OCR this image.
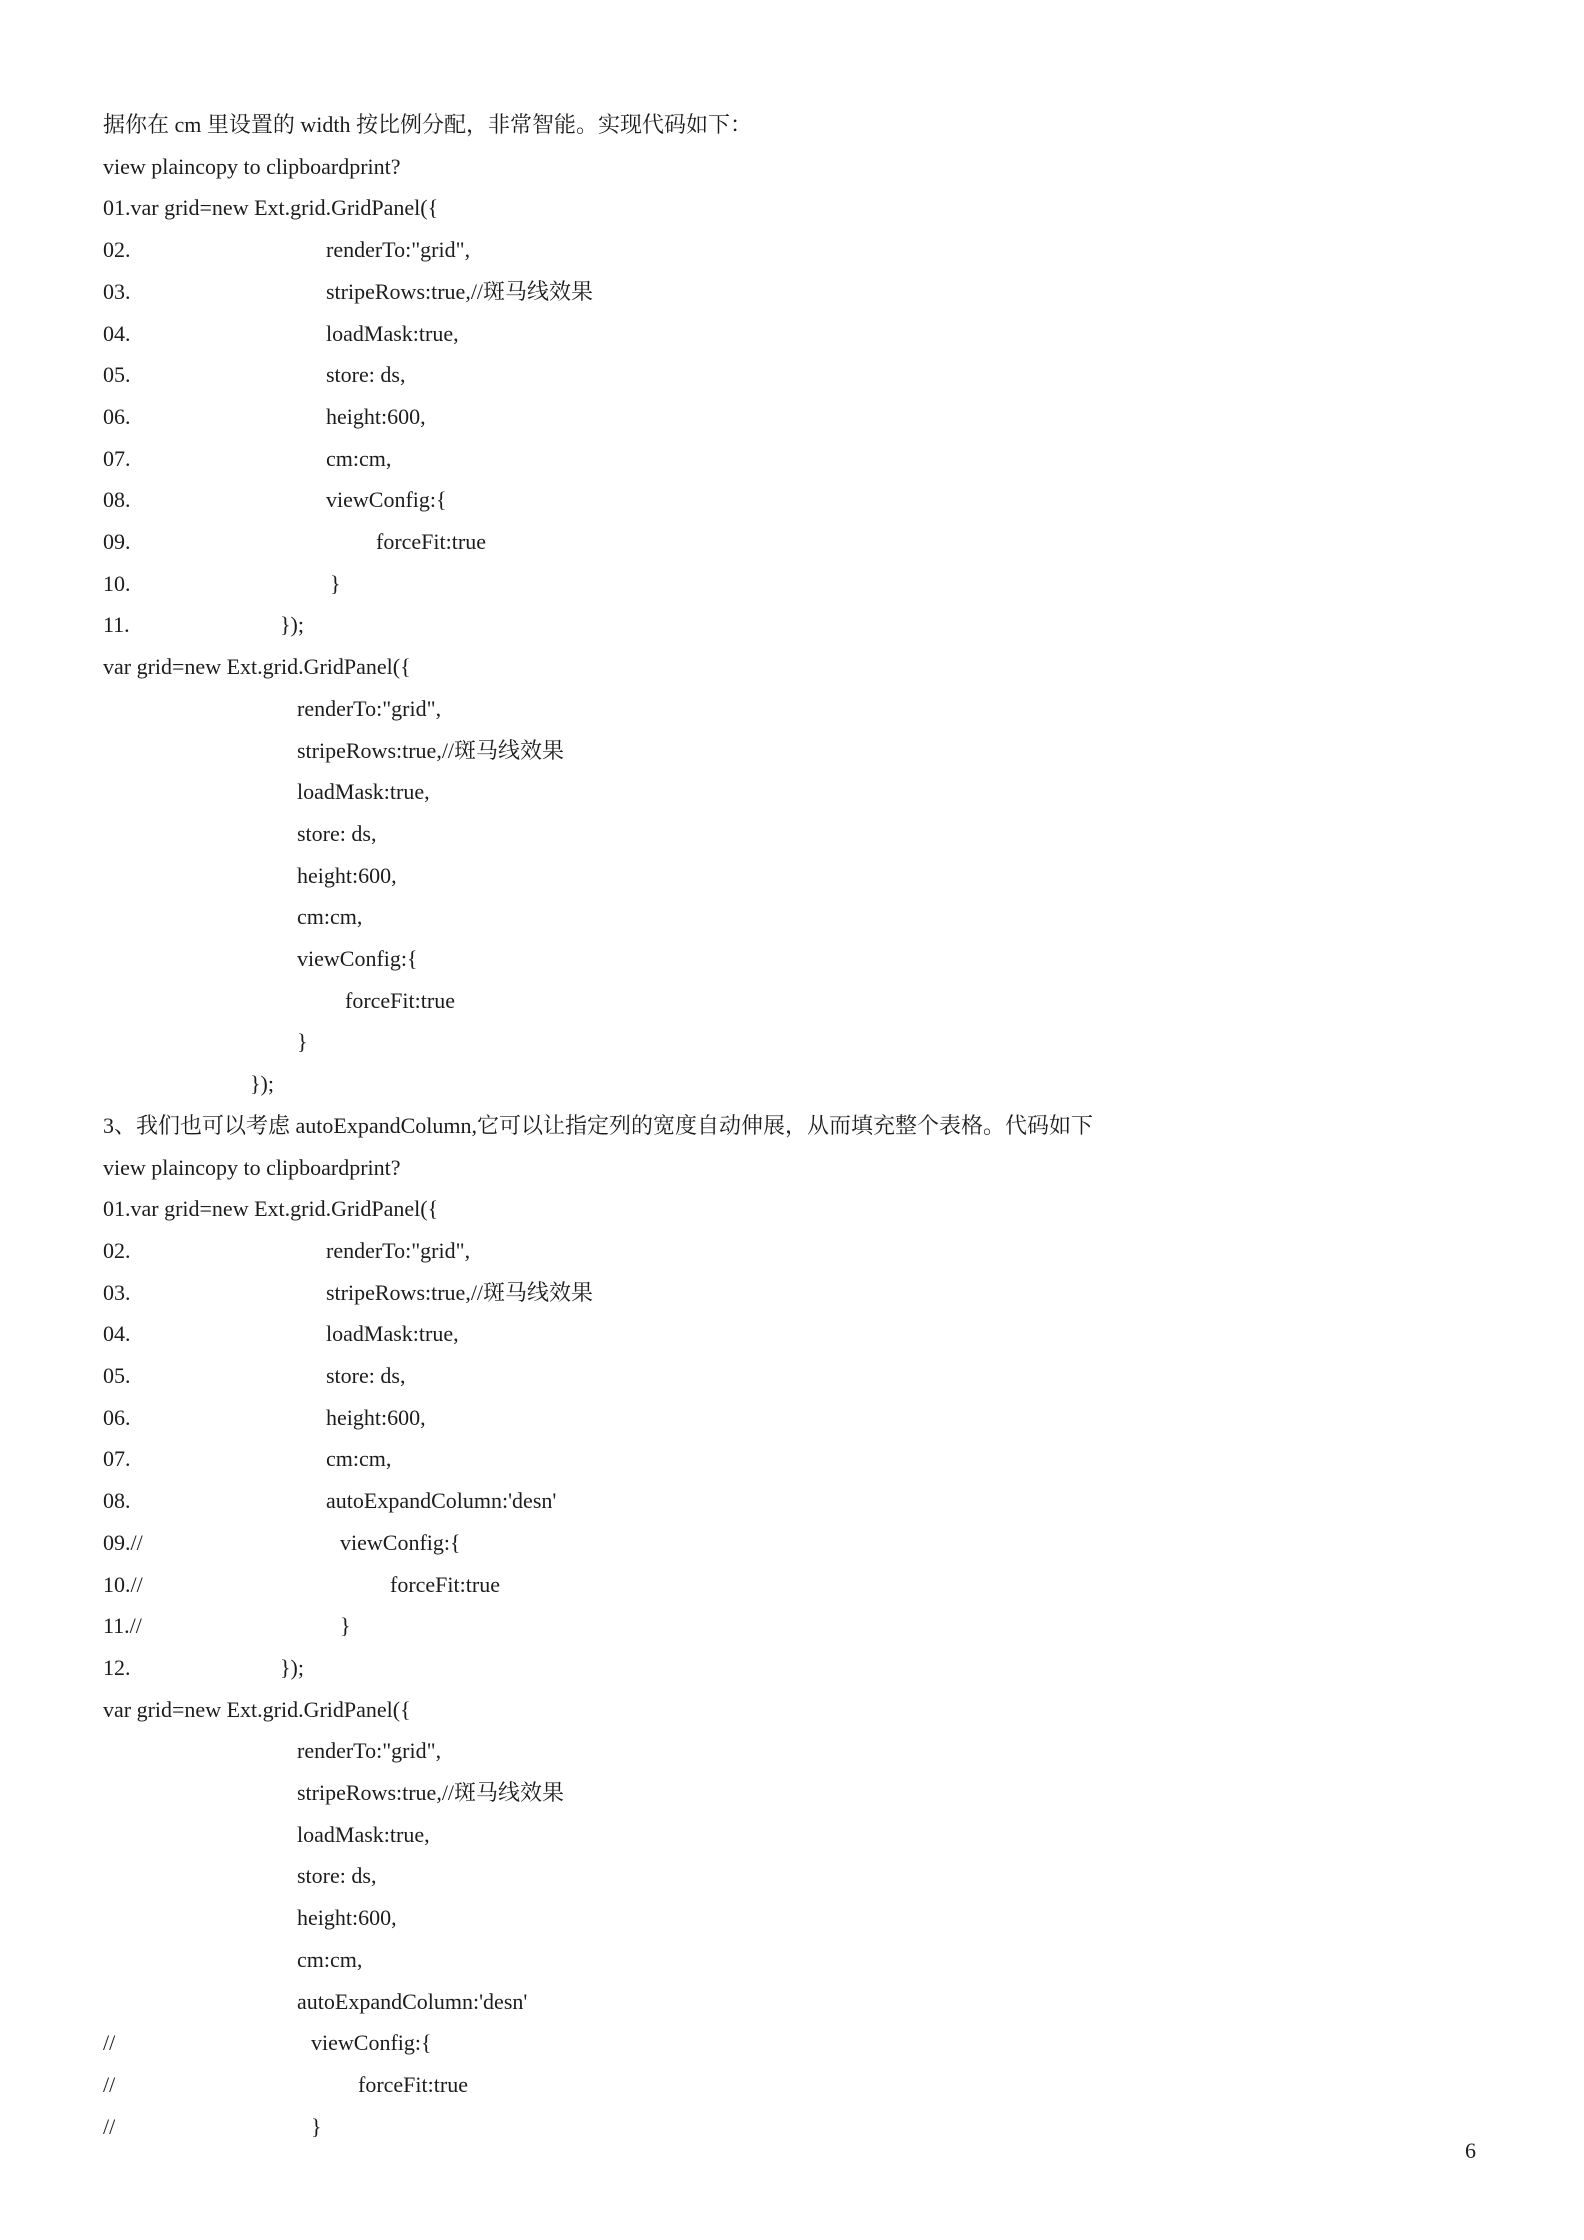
据你在 cm 里设置的 width 按比例分配，非常智能。实现代码如下：
view plaincopy to clipboardprint?
01.var grid=new Ext.grid.GridPanel({
02.	renderTo:"grid",
03.	stripeRows:true,//斑马线效果
04.	loadMask:true,
05.	store: ds,
06.	height:600,
07.	cm:cm,
08.	viewConfig:{
09.	forceFit:true
10.	}
11.	});
var grid=new Ext.grid.GridPanel({
renderTo:"grid",
stripeRows:true,//斑马线效果
loadMask:true,
store: ds,
height:600,
cm:cm,
viewConfig:{
forceFit:true
}
});
3、我们也可以考虑 autoExpandColumn,它可以让指定列的宽度自动伸展，从而填充整个表格。代码如下
view plaincopy to clipboardprint?
01.var grid=new Ext.grid.GridPanel({
02.	renderTo:"grid",
03.	stripeRows:true,//斑马线效果
04.	loadMask:true,
05.	store: ds,
06.	height:600,
07.	cm:cm,
08.	autoExpandColumn:'desn'
09.//	viewConfig:{
10.//	forceFit:true
11.//	}
12.	});
var grid=new Ext.grid.GridPanel({
renderTo:"grid",
stripeRows:true,//斑马线效果
loadMask:true,
store: ds,
height:600,
cm:cm,
autoExpandColumn:'desn'
//	viewConfig:{
//	forceFit:true
//	}
6
